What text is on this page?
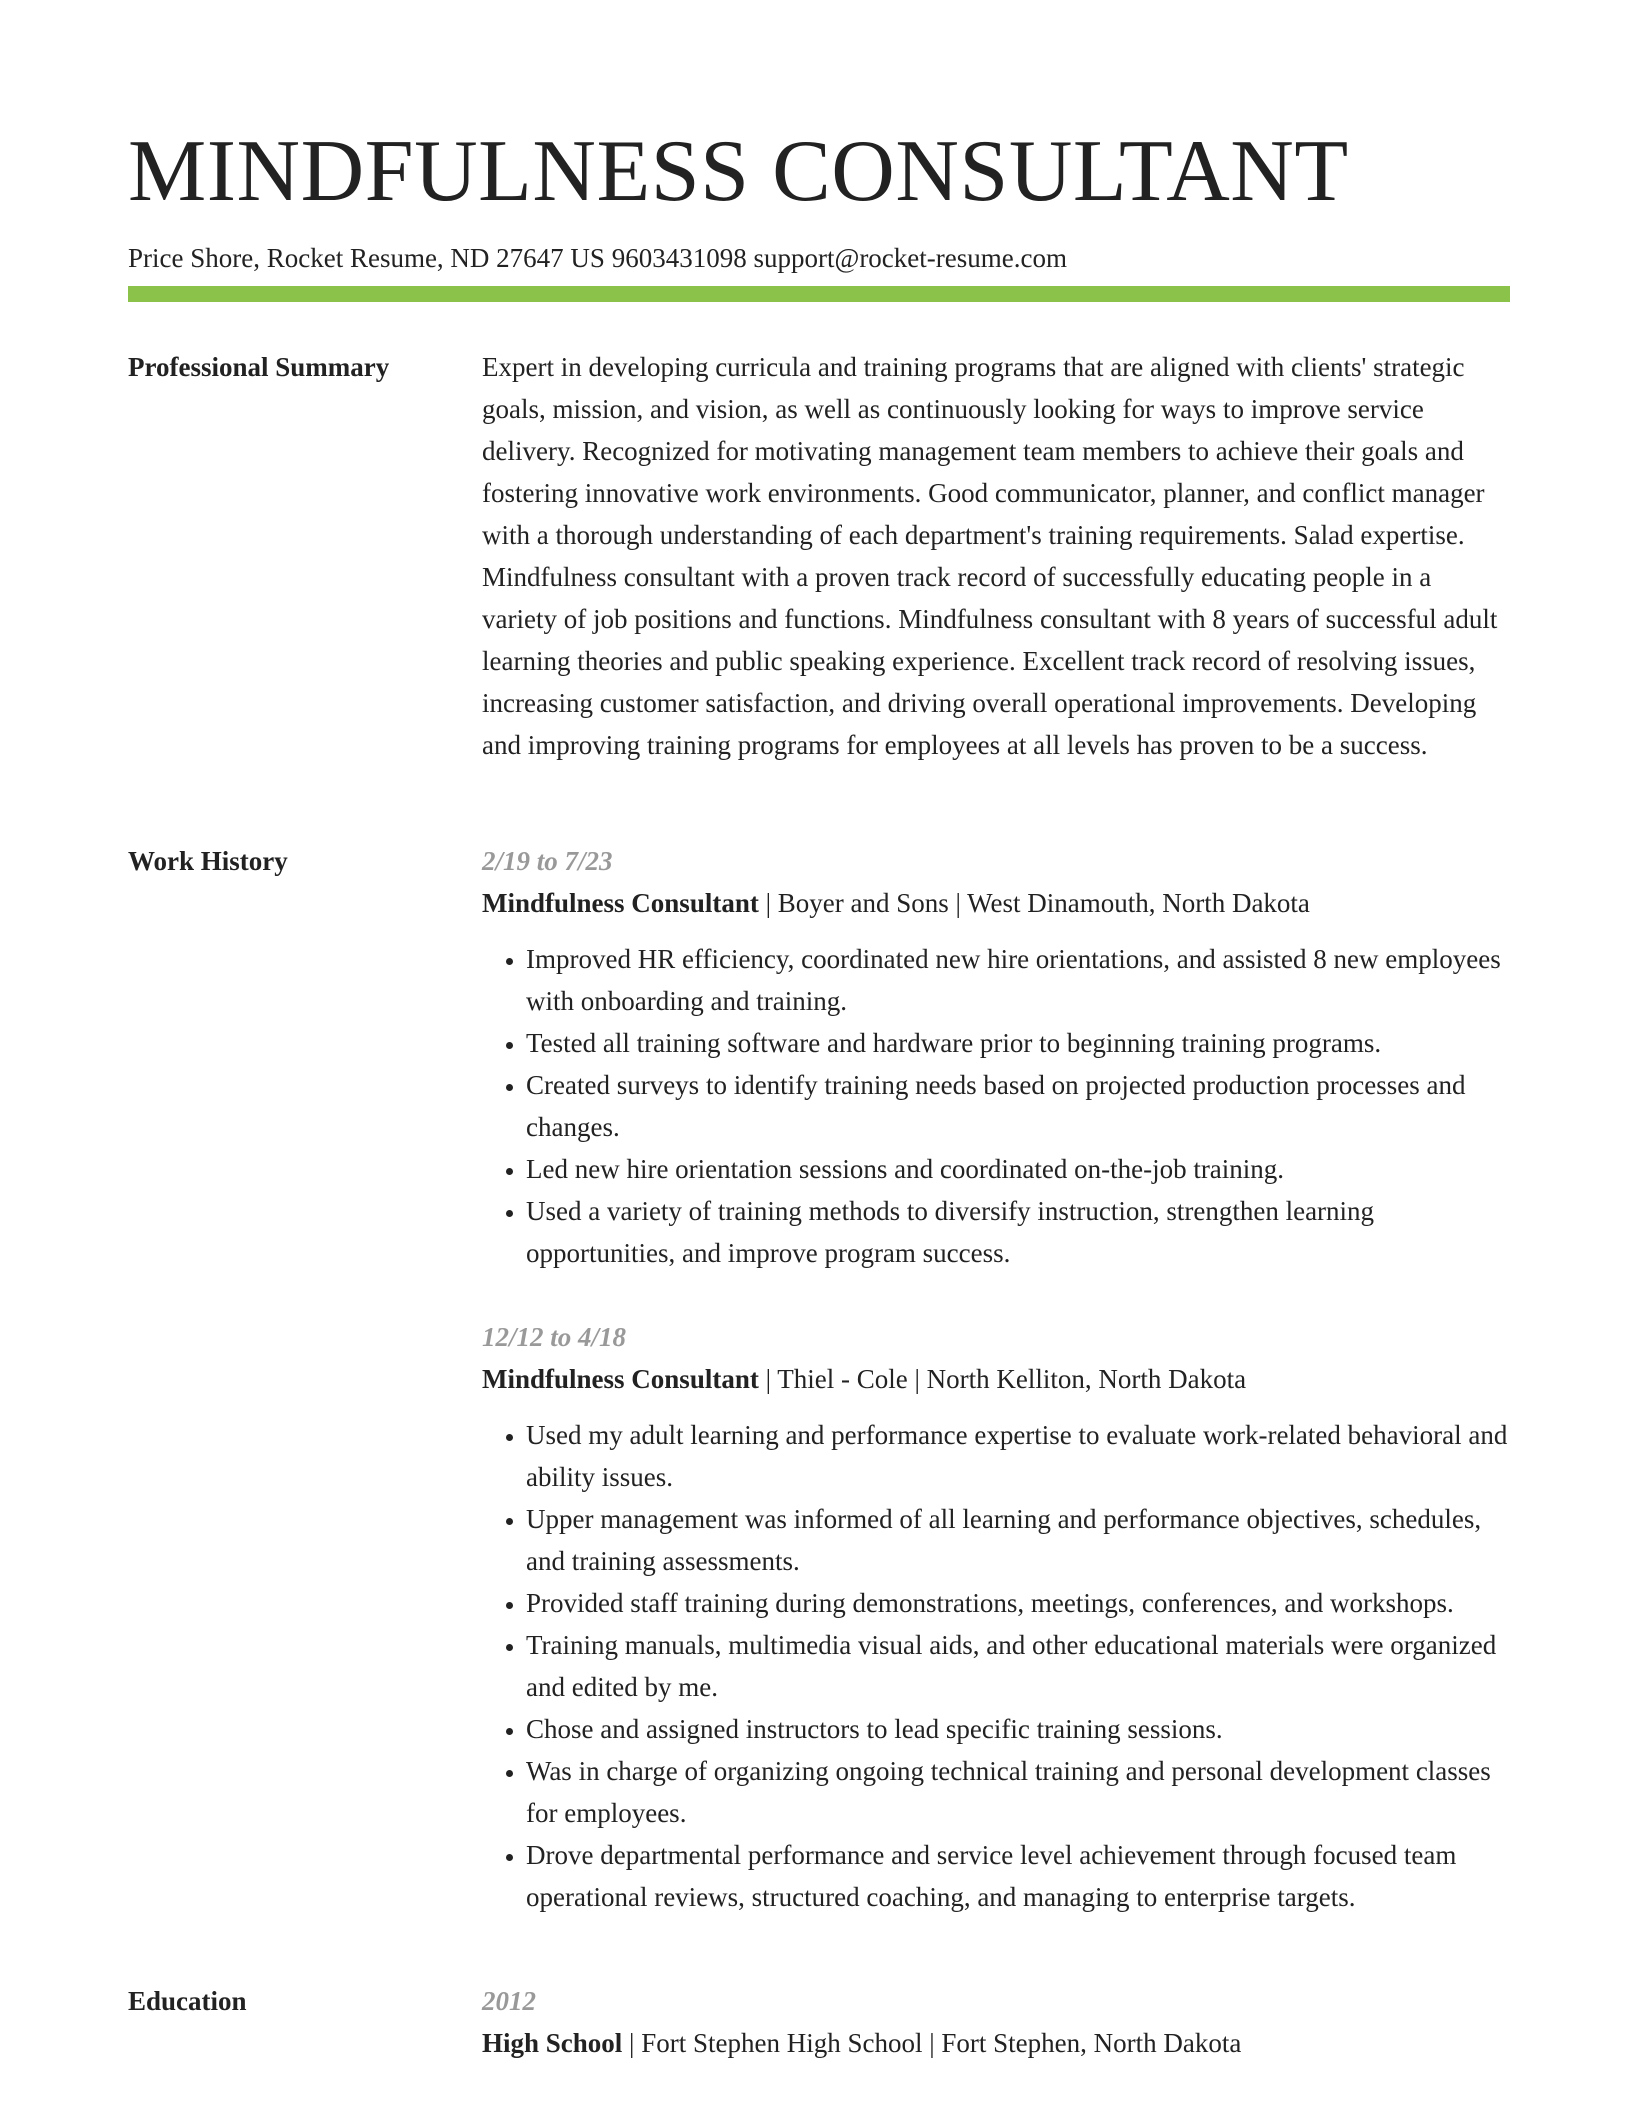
MINDFULNESS CONSULTANT
Price Shore, Rocket Resume, ND 27647 US 9603431098 support@rocket-resume.com
Professional Summary	Expert in developing curricula and training programs that are aligned with clients' strategic goals, mission, and vision, as well as continuously looking for ways to improve service delivery. Recognized for motivating management team members to achieve their goals and fostering innovative work environments. Good communicator, planner, and conflict manager with a thorough understanding of each department's training requirements. Salad expertise. Mindfulness consultant with a proven track record of successfully educating people in a variety of job positions and functions. Mindfulness consultant with 8 years of successful adult learning theories and public speaking experience. Excellent track record of resolving issues, increasing customer satisfaction, and driving overall operational improvements. Developing and improving training programs for employees at all levels has proven to be a success.

Work History	2/19 to 7/23
Mindfulness Consultant | Boyer and Sons | West Dinamouth, North Dakota
• Improved HR efficiency, coordinated new hire orientations, and assisted 8 new employees with onboarding and training.
• Tested all training software and hardware prior to beginning training programs.
• Created surveys to identify training needs based on projected production processes and changes.
• Led new hire orientation sessions and coordinated on-the-job training.
• Used a variety of training methods to diversify instruction, strengthen learning opportunities, and improve program success.
12/12 to 4/18
Mindfulness Consultant | Thiel - Cole | North Kelliton, North Dakota
• Used my adult learning and performance expertise to evaluate work-related behavioral and ability issues.
• Upper management was informed of all learning and performance objectives, schedules, and training assessments.
• Provided staff training during demonstrations, meetings, conferences, and workshops.
• Training manuals, multimedia visual aids, and other educational materials were organized and edited by me.
• Chose and assigned instructors to lead specific training sessions.
• Was in charge of organizing ongoing technical training and personal development classes for employees.
• Drove departmental performance and service level achievement through focused team operational reviews, structured coaching, and managing to enterprise targets.
Education	2012
High School | Fort Stephen High School | Fort Stephen, North Dakota
